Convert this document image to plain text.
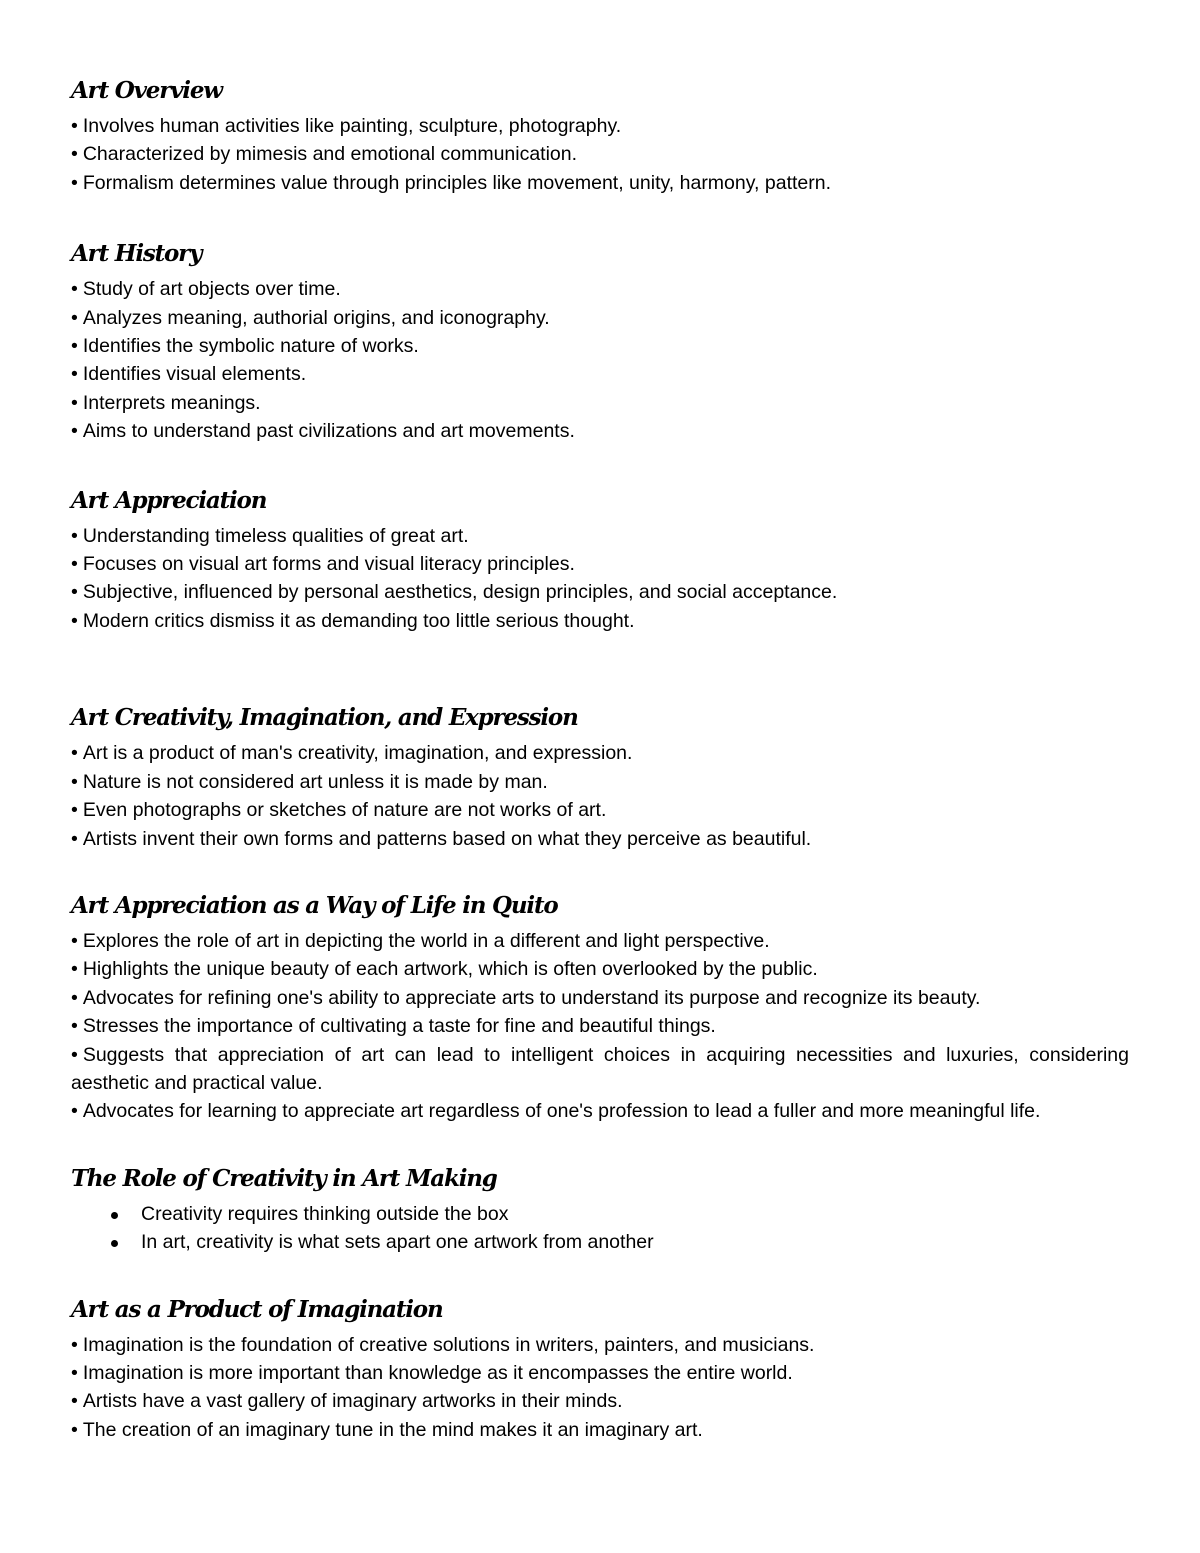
Art Overview

• Involves human activities like painting, sculpture, photography.

• Characterized by mimesis and emotional communication.

• Formalism determines value through principles like movement, unity, harmony, pattern.

Art History

• Study of art objects over time.

• Analyzes meaning, authorial origins, and iconography.

• Identifies the symbolic nature of works.

• Identifies visual elements.

• Interprets meanings.

• Aims to understand past civilizations and art movements.

Art Appreciation

• Understanding timeless qualities of great art.

• Focuses on visual art forms and visual literacy principles.

• Subjective, influenced by personal aesthetics, design principles, and social acceptance.

• Modern critics dismiss it as demanding too little serious thought.

Art Creativity, Imagination, and Expression

• Art is a product of man's creativity, imagination, and expression.

• Nature is not considered art unless it is made by man.

• Even photographs or sketches of nature are not works of art.

• Artists invent their own forms and patterns based on what they perceive as beautiful.

Art Appreciation as a Way of Life in Quito

• Explores the role of art in depicting the world in a different and light perspective.

• Highlights the unique beauty of each artwork, which is often overlooked by the public.

• Advocates for refining one's ability to appreciate arts to understand its purpose and recognize its beauty.

• Stresses the importance of cultivating a taste for fine and beautiful things.

• Suggests that appreciation of art can lead to intelligent choices in acquiring necessities and luxuries, considering aesthetic and practical value.

• Advocates for learning to appreciate art regardless of one's profession to lead a fuller and more meaningful life.

The Role of Creativity in Art Making
Creativity requires thinking outside the box
In art, creativity is what sets apart one artwork from another
Art as a Product of Imagination

• Imagination is the foundation of creative solutions in writers, painters, and musicians.

• Imagination is more important than knowledge as it encompasses the entire world.

• Artists have a vast gallery of imaginary artworks in their minds.

• The creation of an imaginary tune in the mind makes it an imaginary art.
